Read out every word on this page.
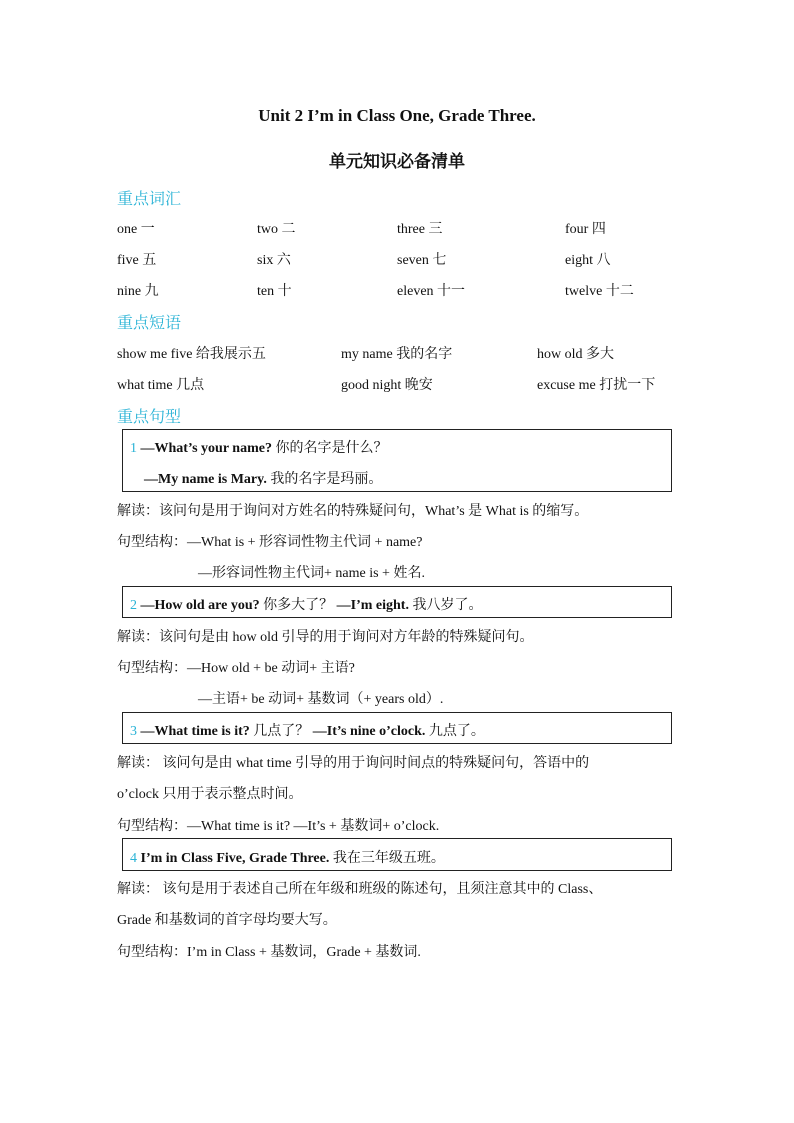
Unit 2 I’m in Class One, Grade Three.
单元知识必备清单
重点词汇
one 一	two 二	three 三	four 四
five 五	six 六	seven 七	eight 八
nine 九	ten 十	eleven 十一	twelve 十二
重点短语
show me five 给我展示五	my name 我的名字	how old 多大
what time 几点	good night 晚安	excuse me 打扰一下
重点句型
1 —What’s your name? 你的名字是什么？
—My name is Mary. 我的名字是玛丽。
解读：该问句是用于询问对方姓名的特殊疑问句，What’s 是 What is 的缩写。
句型结构：—What is + 形容词性物主代词 + name?
—形容词性物主代词+ name is + 姓名.
2 —How old are you? 你多大了？ —I’m eight. 我八岁了。
解读：该问句是由 how old 引导的用于询问对方年龄的特殊疑问句。
句型结构：—How old + be 动词+ 主语?
—主语+ be 动词+ 基数词（+ years old）.
3 —What time is it? 几点了？ —It’s nine o’clock. 九点了。
解读： 该问句是由 what time 引导的用于询问时间点的特殊疑问句，答语中的
o’clock 只用于表示整点时间。
句型结构：—What time is it? —It’s + 基数词+ o’clock.
4 I’m in Class Five, Grade Three. 我在三年级五班。
解读： 该句是用于表述自己所在年级和班级的陈述句，且须注意其中的 Class、
Grade 和基数词的首字母均要大写。
句型结构：I’m in Class + 基数词，Grade + 基数词.
